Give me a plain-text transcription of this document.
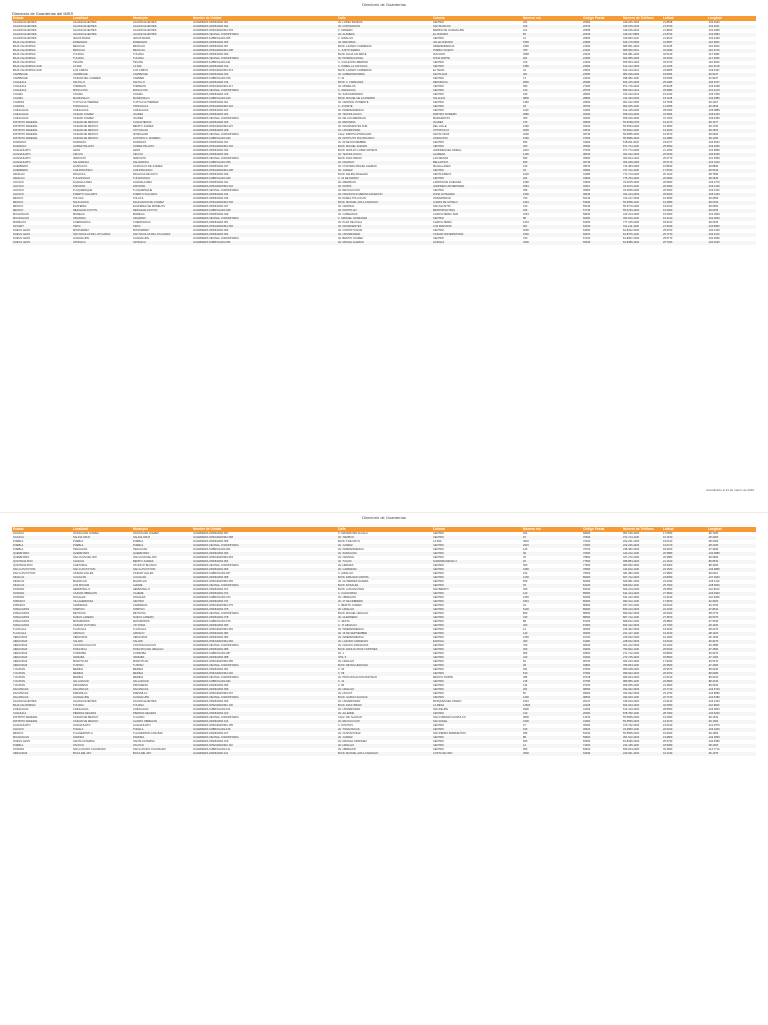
Directorio de Guarderías
Directorio de Guarderías del IMSS
Estado	Localidad	Municipio	Nombre de Unidad	Calle	Colonia	Número ext.	Código Postal	Número de Teléfono	Latitud	Longitud
AGUASCALIENTES	AGUASCALIENTES	AGUASCALIENTES	GUARDERIA ORDINARIA 001	AV. LOPEZ MATEOS	CENTRO	201	20000	449-915-1010	21.8818	-102.2916
AGUASCALIENTES	AGUASCALIENTES	AGUASCALIENTES	GUARDERIA ORDINARIA 002	AV. CONVENCION	SAN MARCOS	340	20070	449-915-2233	21.8790	-102.3011
AGUASCALIENTES	AGUASCALIENTES	AGUASCALIENTES	GUARDERIA INTEGRADORA 003	C. MADERO	BARRIO DE GUADALUPE	112	20059	449-916-4432	21.8840	-102.2950
AGUASCALIENTES	AGUASCALIENTES	AGUASCALIENTES	GUARDERIA VECINAL COMUNITARIA	AV. ALAMEDA	EL DORADO	85	20235	449-917-8800	21.8702	-102.2884
AGUASCALIENTES	JESUS MARIA	JESUS MARIA	GUARDERIA SUBROGADA 005	C. HIDALGO	CENTRO	14	20900	449-963-1122	21.9610	-102.3430
BAJA CALIFORNIA	ENSENADA	ENSENADA	GUARDERIA ORDINARIA 006	AV. REFORMA	VALLE DORADO	1550	22890	646-176-5500	31.8667	-116.5964
BAJA CALIFORNIA	MEXICALI	MEXICALI	GUARDERIA ORDINARIA 007	BLVD. LAZARO CARDENAS	INDEPENDENCIA	2300	21290	686-561-4400	32.6245	-115.4523
BAJA CALIFORNIA	MEXICALI	MEXICALI	GUARDERIA INTEGRADORA 008	C. JUSTO SIERRA	PUEBLO NUEVO	780	21120	686-552-3311	32.6390	-115.4720
BAJA CALIFORNIA	TIJUANA	TIJUANA	GUARDERIA ORDINARIA 009	BLVD. AGUA CALIENTE	AVIACION	4558	22420	664-681-2200	32.5149	-117.0382
BAJA CALIFORNIA	TIJUANA	TIJUANA	GUARDERIA VECINAL COMUNITARIA	AV. INTERNACIONAL	ZONA NORTE	901	22000	664-685-3300	32.5340	-117.0360
BAJA CALIFORNIA	TECATE	TECATE	GUARDERIA SUBROGADA 011	C. CALLEJON LIBERTAD	CENTRO	210	21400	665-654-1010	32.5720	-116.6260
BAJA CALIFORNIA SUR	LA PAZ	LA PAZ	GUARDERIA ORDINARIA 012	C. ISABEL LA CATOLICA	CENTRO	1580	23000	612-122-4400	24.1426	-110.3128
BAJA CALIFORNIA SUR	LOS CABOS	LOS CABOS	GUARDERIA INTEGRADORA 013	BLVD. LAZARO CARDENAS	EL TEZAL	44	23454	624-143-2211	22.8905	-109.9167
CAMPECHE	CAMPECHE	CAMPECHE	GUARDERIA ORDINARIA 014	AV. GOBERNADORES	SANTA ANA	301	24050	981-816-2020	19.8454	-90.5237
CAMPECHE	CIUDAD DEL CARMEN	CARMEN	GUARDERIA SUBROGADA 015	C. 31	CENTRO	72	24100	938-382-1100	18.6456	-91.8227
COAHUILA	SALTILLO	SALTILLO	GUARDERIA ORDINARIA 016	BLVD. V. CARRANZA	REPUBLICA	2800	25280	844-415-3300	25.4383	-100.9737
COAHUILA	TORREON	TORREON	GUARDERIA INTEGRADORA 017	AV. MORELOS	CENTRO	550	27000	871-716-4400	25.5428	-103.4068
COAHUILA	MONCLOVA	MONCLOVA	GUARDERIA VECINAL COMUNITARIA	C. ZARAGOZA	CENTRO	120	25700	866-633-1212	26.9080	-101.4215
COLIMA	COLIMA	COLIMA	GUARDERIA ORDINARIA 019	AV. SAN FERNANDO	CENTRO	230	28000	312-312-0101	19.2433	-103.7250
COLIMA	MANZANILLO	MANZANILLO	GUARDERIA SUBROGADA 020	BLVD. MIGUEL DE LA MADRID	SALAHUA	9800	28860	314-333-2200	19.1138	-104.3385
CHIAPAS	TUXTLA GUTIERREZ	TUXTLA GUTIERREZ	GUARDERIA ORDINARIA 021	AV. CENTRAL PONIENTE	CENTRO	1450	29000	961-612-3300	16.7528	-93.1167
CHIAPAS	TAPACHULA	TAPACHULA	GUARDERIA INTEGRADORA 022	C. 4 NORTE	CENTRO	18	30700	962-625-1100	14.9056	-92.2633
CHIHUAHUA	CHIHUAHUA	CHIHUAHUA	GUARDERIA ORDINARIA 023	AV. INDEPENDENCIA	CENTRO	1100	31000	614-415-2020	28.6353	-106.0889
CHIHUAHUA	CIUDAD JUAREZ	JUAREZ	GUARDERIA ORDINARIA 024	AV. TECNOLOGICO	PARTIDO ROMERO	2880	32030	656-613-4400	31.6904	-106.4245
CHIHUAHUA	CIUDAD JUAREZ	JUAREZ	GUARDERIA VECINAL COMUNITARIA	AV. DE LAS AMERICAS	MARGARITAS	450	32300	656-616-3300	31.7200	-106.4350
DISTRITO FEDERAL	CIUDAD DE MEXICO	CUAUHTEMOC	GUARDERIA ORDINARIA 026	AV. REFORMA	JUAREZ	476	06600	55-5238-2700	19.4270	-99.1677
DISTRITO FEDERAL	CIUDAD DE MEXICO	BENITO JUAREZ	GUARDERIA INTEGRADORA 027	AV. INSURGENTES SUR	DEL VALLE	1600	03100	55-5534-2020	19.3830	-99.1760
DISTRITO FEDERAL	CIUDAD DE MEXICO	COYOACAN	GUARDERIA ORDINARIA 028	AV. UNIVERSIDAD	OXTOPULCO	3000	04510	55-5622-1100	19.3320	-99.1870
DISTRITO FEDERAL	CIUDAD DE MEXICO	IZTAPALAPA	GUARDERIA VECINAL COMUNITARIA	CALZ. ERMITA IZTAPALAPA	SANTA CRUZ	2200	09730	55-5686-3300	19.3570	-99.0600
DISTRITO FEDERAL	CIUDAD DE MEXICO	GUSTAVO A. MADERO	GUARDERIA SUBROGADA 030	AV. INSTITUTO POLITECNICO	LINDAVISTA	1500	07300	55-5586-4400	19.4880	-99.1300
DURANGO	DURANGO	DURANGO	GUARDERIA ORDINARIA 031	AV. 20 DE NOVIEMBRE	CENTRO	605	34000	618-811-2020	24.0277	-104.6532
DURANGO	GOMEZ PALACIO	GOMEZ PALACIO	GUARDERIA INTEGRADORA 032	BLVD. MIGUEL ALEMAN	CENTRO	300	35000	871-714-1100	25.5650	-103.4950
GUANAJUATO	LEON	LEON	GUARDERIA ORDINARIA 033	BLVD. ADOLFO LOPEZ MATEOS	JARDINES DEL MORAL	2410	37160	477-773-3300	21.1250	-101.6860
GUANAJUATO	CELAYA	CELAYA	GUARDERIA ORDINARIA 034	AV. TECNOLOGICO	ALAMEDA	1200	38010	461-612-4400	20.5230	-100.8150
GUANAJUATO	IRAPUATO	IRAPUATO	GUARDERIA VECINAL COMUNITARIA	BLVD. DIAZ ORDAZ	LAS REINAS	500	36660	462-624-1010	20.6770	-101.3560
GUANAJUATO	SALAMANCA	SALAMANCA	GUARDERIA SUBROGADA 036	AV. FARADAY	BELLAVISTA	820	36730	464-648-2020	20.5710	-101.1910
GUERRERO	ACAPULCO	ACAPULCO DE JUAREZ	GUARDERIA ORDINARIA 037	AV. COSTERA MIGUEL ALEMAN	MAGALLANES	120	39670	744-484-3300	16.8530	-99.8830
GUERRERO	CHILPANCINGO	CHILPANCINGO	GUARDERIA INTEGRADORA 038	AV. JUAREZ	CENTRO	46	39000	747-472-1100	17.5510	-99.5010
HIDALGO	PACHUCA	PACHUCA DE SOTO	GUARDERIA ORDINARIA 039	BLVD. FELIPE ANGELES	VENTA PRIETA	1020	42080	771-713-2020	20.1010	-98.7590
HIDALGO	TULANCINGO	TULANCINGO	GUARDERIA SUBROGADA 040	C. 21 DE MARZO	CENTRO	204	43600	775-753-4400	20.0840	-98.3640
JALISCO	GUADALAJARA	GUADALAJARA	GUARDERIA ORDINARIA 041	AV. AMERICAS	LADRON DE GUEVARA	1500	44600	33-3615-3300	20.6820	-103.3770
JALISCO	ZAPOPAN	ZAPOPAN	GUARDERIA INTEGRADORA 042	AV. PATRIA	JARDINES UNIVERSIDAD	1891	45110	33-3673-1100	20.6990	-103.4190
JALISCO	TLAQUEPAQUE	TLAQUEPAQUE	GUARDERIA VECINAL COMUNITARIA	AV. REVOLUCION	CENTRO	355	45500	33-3635-2020	20.6400	-103.3110
JALISCO	PUERTO VALLARTA	PUERTO VALLARTA	GUARDERIA ORDINARIA 044	AV. FRANCISCO MEDINA ASCENCIO	ZONA HOTELERA	2100	48333	322-224-4400	20.6400	-105.2330
MEXICO	TOLUCA	TOLUCA	GUARDERIA ORDINARIA 045	AV. PASEO TOLLOCAN	UNIVERSIDAD	700	50130	722-217-3300	19.2830	-99.6550
MEXICO	NAUCALPAN	NAUCALPAN DE JUAREZ	GUARDERIA INTEGRADORA 046	BLVD. MANUEL AVILA CAMACHO	LOMAS DE SOTELO	1901	53390	55-5358-1100	19.4580	-99.2150
MEXICO	ECATEPEC	ECATEPEC DE MORELOS	GUARDERIA ORDINARIA 047	AV. CENTRAL	SAN AGUSTIN	310	55130	55-5770-2020	19.6010	-99.0500
MEXICO	NEZAHUALCOYOTL	NEZAHUALCOYOTL	GUARDERIA SUBROGADA 048	AV. PANTITLAN	METROPOLITANA	225	57730	55-5793-4400	19.4000	-99.0150
MICHOACAN	MORELIA	MORELIA	GUARDERIA ORDINARIA 049	AV. CAMELINAS	CHAPULTEPEC SUR	3233	58260	443-314-3300	19.6900	-101.1800
MICHOACAN	URUAPAN	URUAPAN	GUARDERIA VECINAL COMUNITARIA	C. MANUEL OCARANZA	CENTRO	88	60000	452-523-1100	19.4210	-102.0630
MORELOS	CUERNAVACA	CUERNAVACA	GUARDERIA ORDINARIA 051	AV. PLAN DE AYALA	CHAPULTEPEC	1201	62450	777-315-2020	18.9210	-99.2230
NAYARIT	TEPIC	TEPIC	GUARDERIA INTEGRADORA 052	AV. INSURGENTES	LOS FRESNOS	601	63190	311-214-4400	21.5040	-104.8950
NUEVO LEON	MONTERREY	MONTERREY	GUARDERIA ORDINARIA 053	AV. CONSTITUCION	CENTRO	2000	64000	81-8342-3300	25.6700	-100.3100
NUEVO LEON	SAN NICOLAS DE LOS GARZA	SAN NICOLAS DE LOS GARZA	GUARDERIA ORDINARIA 054	AV. UNIVERSIDAD	CIUDAD UNIVERSITARIA	1500	66451	81-8376-1100	25.7270	-100.3110
NUEVO LEON	GUADALUPE	GUADALUPE	GUARDERIA VECINAL COMUNITARIA	AV. BENITO JUAREZ	CENTRO	700	67100	81-8367-2020	25.6770	-100.2590
NUEVO LEON	APODACA	APODACA	GUARDERIA SUBROGADA 056	AV. MIGUEL ALEMAN	HUINALA	4200	66640	81-8386-4400	25.7200	-100.2000
Actualizado al 31 de marzo de 2016
Directorio de Guarderías
Estado	Localidad	Municipio	Nombre de Unidad	Calle	Colonia	Número ext.	Código Postal	Número de Teléfono	Latitud	Longitud
OAXACA	OAXACA DE JUAREZ	OAXACA DE JUAREZ	GUARDERIA ORDINARIA 057	C. MACEDONIO ALCALA	CENTRO	201	68000	951-516-3300	17.0650	-96.7250
OAXACA	SALINA CRUZ	SALINA CRUZ	GUARDERIA INTEGRADORA 058	AV. TAMPICO	CENTRO	15	70600	971-714-1100	16.1670	-95.2000
PUEBLA	PUEBLA	PUEBLA	GUARDERIA ORDINARIA 059	BLVD. 5 DE MAYO	LA PAZ	3510	72160	222-231-2020	19.0410	-98.2060
PUEBLA	PUEBLA	PUEBLA	GUARDERIA VECINAL COMUNITARIA	AV. JUAREZ	CENTRO	2915	72000	222-246-4400	19.0470	-98.2180
PUEBLA	TEHUACAN	TEHUACAN	GUARDERIA SUBROGADA 061	AV. INDEPENDENCIA	CENTRO	120	75700	238-382-3300	18.4620	-97.3920
QUERETARO	QUERETARO	QUERETARO	GUARDERIA ORDINARIA 062	AV. ZARAGOZA	CENTRO	99	76000	442-212-1100	20.5880	-100.3880
QUERETARO	SAN JUAN DEL RIO	SAN JUAN DEL RIO	GUARDERIA INTEGRADORA 063	AV. CENTRAL	CENTRO	45	76800	427-272-2020	20.3880	-99.9960
QUINTANA ROO	CANCUN	BENITO JUAREZ	GUARDERIA ORDINARIA 064	AV. TULUM	SUPERMANZANA 4	20	77500	998-884-4400	21.1610	-86.8510
QUINTANA ROO	CHETUMAL	OTHON P. BLANCO	GUARDERIA VECINAL COMUNITARIA	AV. HEROES	CENTRO	300	77000	983-832-3300	18.5000	-88.3000
SAN LUIS POTOSI	SAN LUIS POTOSI	SAN LUIS POTOSI	GUARDERIA ORDINARIA 066	AV. CARRANZA	CENTRO	1080	78000	444-812-1100	22.1520	-100.9850
SAN LUIS POTOSI	CIUDAD VALLES	CIUDAD VALLES	GUARDERIA SUBROGADA 067	C. HIDALGO	CENTRO	212	79000	481-382-2020	21.9860	-99.0110
SINALOA	CULIACAN	CULIACAN	GUARDERIA ORDINARIA 068	BLVD. EMILIANO ZAPATA	CENTRO	1200	80000	667-712-4400	24.8090	-107.3940
SINALOA	MAZATLAN	MAZATLAN	GUARDERIA INTEGRADORA 069	AV. GUTIERREZ NAJERA	CENTRO	500	82000	669-981-3300	23.2490	-106.4110
SINALOA	LOS MOCHIS	AHOME	GUARDERIA VECINAL COMUNITARIA	BLVD. ROSALES	CENTRO	45	81200	668-812-1100	25.7900	-108.9900
SONORA	HERMOSILLO	HERMOSILLO	GUARDERIA ORDINARIA 071	BLVD. LUIS ENCINAS	SAN BENITO	400	83190	662-213-2020	29.0890	-110.9610
SONORA	CIUDAD OBREGON	CAJEME	GUARDERIA ORDINARIA 072	C. CALIFORNIA	CENTRO	120	85000	644-414-4400	27.4820	-109.9300
SONORA	NOGALES	NOGALES	GUARDERIA SUBROGADA 073	AV. OBREGON	CENTRO	1050	84000	631-312-3300	31.3190	-110.9450
TABASCO	VILLAHERMOSA	CENTRO	GUARDERIA ORDINARIA 074	AV. 27 DE FEBRERO	CENTRO	1801	86000	993-312-1100	17.9870	-92.9300
TABASCO	CARDENAS	CARDENAS	GUARDERIA INTEGRADORA 075	C. BENITO JUAREZ	CENTRO	22	86500	937-372-2020	18.0010	-93.3750
TAMAULIPAS	TAMPICO	TAMPICO	GUARDERIA ORDINARIA 076	AV. HIDALGO	CENTRO	5100	89000	833-213-4400	22.2330	-97.8610
TAMAULIPAS	REYNOSA	REYNOSA	GUARDERIA VECINAL COMUNITARIA	BLVD. MIGUEL HIDALGO	CENTRO	800	88500	899-922-3300	26.0920	-98.2770
TAMAULIPAS	NUEVO LAREDO	NUEVO LAREDO	GUARDERIA ORDINARIA 078	AV. GUERRERO	CENTRO	330	88000	867-712-1100	27.4870	-99.5070
TAMAULIPAS	MATAMOROS	MATAMOROS	GUARDERIA SUBROGADA 079	C. SEXTA	CENTRO	88	87300	868-812-2020	25.8800	-97.5040
TAMAULIPAS	CIUDAD VICTORIA	VICTORIA	GUARDERIA ORDINARIA 080	C. 17 HIDALGO	CENTRO	400	87000	834-312-4400	23.7360	-99.1460
TLAXCALA	TLAXCALA	TLAXCALA	GUARDERIA INTEGRADORA 081	AV. INDEPENDENCIA	CENTRO	12	90000	246-462-3300	19.3180	-98.2370
TLAXCALA	APIZACO	APIZACO	GUARDERIA ORDINARIA 082	AV. 16 DE SEPTIEMBRE	CENTRO	140	90300	241-417-1100	19.4160	-98.1400
VERACRUZ	VERACRUZ	VERACRUZ	GUARDERIA ORDINARIA 083	AV. INDEPENDENCIA	CENTRO	1050	91700	229-932-2020	19.1900	-96.1530
VERACRUZ	XALAPA	XALAPA	GUARDERIA INTEGRADORA 084	AV. LAZARO CARDENAS	ENCINAL	300	91180	228-812-4400	19.5440	-96.9270
VERACRUZ	COATZACOALCOS	COATZACOALCOS	GUARDERIA VECINAL COMUNITARIA	AV. IGNACIO ZARAGOZA	CENTRO	700	96400	921-212-3300	18.1400	-94.4580
VERACRUZ	POZA RICA	POZA RICA DE HIDALGO	GUARDERIA ORDINARIA 086	BLVD. ADOLFO RUIZ CORTINES	CENTRO	300	93260	782-822-1100	20.5320	-97.4590
VERACRUZ	CORDOBA	CORDOBA	GUARDERIA SUBROGADA 087	AV. 1	CENTRO	905	94500	271-712-2020	18.8840	-96.9270
VERACRUZ	ORIZABA	ORIZABA	GUARDERIA ORDINARIA 088	OTE. 6	CENTRO	420	94300	272-725-4400	18.8500	-97.1000
VERACRUZ	MINATITLAN	MINATITLAN	GUARDERIA INTEGRADORA 089	AV. HIDALGO	CENTRO	66	96700	922-223-3300	17.9930	-94.5470
VERACRUZ	TUXPAN	TUXPAN	GUARDERIA VECINAL COMUNITARIA	BLVD. REYES HEROLES	CENTRO	28	92800	783-834-1100	20.9560	-97.4050
YUCATAN	MERIDA	MERIDA	GUARDERIA ORDINARIA 091	C. 60	CENTRO	491	97000	999-928-2020	20.9670	-89.6230
YUCATAN	MERIDA	MERIDA	GUARDERIA INTEGRADORA 092	C. 59	CENTRO	510	97000	999-923-4400	20.9700	-89.6280
YUCATAN	MERIDA	MERIDA	GUARDERIA VECINAL COMUNITARIA	AV. PROLONGACION MONTEJO	MEXICO NORTE	485	97128	999-944-3300	21.0120	-89.6120
YUCATAN	VALLADOLID	VALLADOLID	GUARDERIA SUBROGADA 094	C. 41	CENTRO	215	97780	985-856-1100	20.6890	-88.2010
YUCATAN	PROGRESO	PROGRESO	GUARDERIA ORDINARIA 095	C. 80	CENTRO	134	97320	969-935-2020	21.2820	-89.6640
ZACATECAS	ZACATECAS	ZACATECAS	GUARDERIA ORDINARIA 096	AV. HIDALGO	CENTRO	301	98000	492-922-4400	22.7710	-102.5740
ZACATECAS	FRESNILLO	FRESNILLO	GUARDERIA INTEGRADORA 097	AV. HUICOT	CENTRO	50	99000	493-932-3300	23.1750	-102.8680
ZACATECAS	GUADALUPE	GUADALUPE	GUARDERIA VECINAL COMUNITARIA	BLVD. GARCIA SALINAS	CENTRO	1200	98600	492-923-1100	22.7470	-102.5180
AGUASCALIENTES	AGUASCALIENTES	AGUASCALIENTES	GUARDERIA ORDINARIA 099	AV. UNIVERSIDAD	BOSQUES DEL PRADO	1001	20127	449-910-2020	21.9130	-102.3120
BAJA CALIFORNIA	TIJUANA	TIJUANA	GUARDERIA INTEGRADORA 100	BLVD. DIAZ ORDAZ	LA MESA	12500	22105	664-623-4400	32.5050	-116.9820
CHIHUAHUA	CHIHUAHUA	CHIHUAHUA	GUARDERIA SUBROGADA 101	AV. UNIVERSIDAD	SAN FELIPE	2900	31203	614-413-3300	28.6550	-106.0820
COAHUILA	PIEDRAS NEGRAS	PIEDRAS NEGRAS	GUARDERIA ORDINARIA 102	AV. ALLENDE	CENTRO	410	26000	878-782-1100	28.7000	-100.5230
DISTRITO FEDERAL	CIUDAD DE MEXICO	TLALPAN	GUARDERIA VECINAL COMUNITARIA	CALZ. DE TLALPAN	SAN LORENZO HUIPULCO	4800	14370	55-5655-2020	19.2950	-99.1510
DISTRITO FEDERAL	CIUDAD DE MEXICO	ALVARO OBREGON	GUARDERIA ORDINARIA 104	AV. REVOLUCION	SAN ANGEL	1500	01000	55-5550-4400	19.3470	-99.1900
GUANAJUATO	GUANAJUATO	GUANAJUATO	GUARDERIA INTEGRADORA 105	C. POSITOS	CENTRO	27	36000	473-732-3300	21.0190	-101.2570
JALISCO	TONALA	TONALA	GUARDERIA SUBROGADA 106	AV. TONALTECAS	CENTRO	150	45400	33-3683-1100	20.6240	-103.2340
MEXICO	TLALNEPANTLA	TLALNEPANTLA DE BAZ	GUARDERIA ORDINARIA 107	AV. GUSTAVO BAZ	SAN PEDRO BARRIENTOS	350	54010	55-5565-2020	19.5400	-99.1950
MICHOACAN	ZAMORA	ZAMORA	GUARDERIA VECINAL COMUNITARIA	AV. JUAREZ	CENTRO	88	59600	351-512-4400	19.9860	-102.2830
NUEVO LEON	SANTA CATARINA	SANTA CATARINA	GUARDERIA ORDINARIA 109	AV. MANUEL ORDOÑEZ	CENTRO	600	66350	81-8336-3300	25.6730	-100.4580
PUEBLA	ATLIXCO	ATLIXCO	GUARDERIA INTEGRADORA 110	AV. HIDALGO	CENTRO	12	74200	244-445-1100	18.9080	-98.4360
SONORA	SAN LUIS RIO COLORADO	SAN LUIS RIO COLORADO	GUARDERIA SUBROGADA 111	AV. OBREGON	CENTRO	900	83400	653-534-2020	32.4560	-114.7710
VERACRUZ	BOCA DEL RIO	BOCA DEL RIO	GUARDERIA ORDINARIA 112	BLVD. MANUEL AVILA CAMACHO	COSTA DE ORO	2500	94299	229-921-4400	19.1430	-96.1070
